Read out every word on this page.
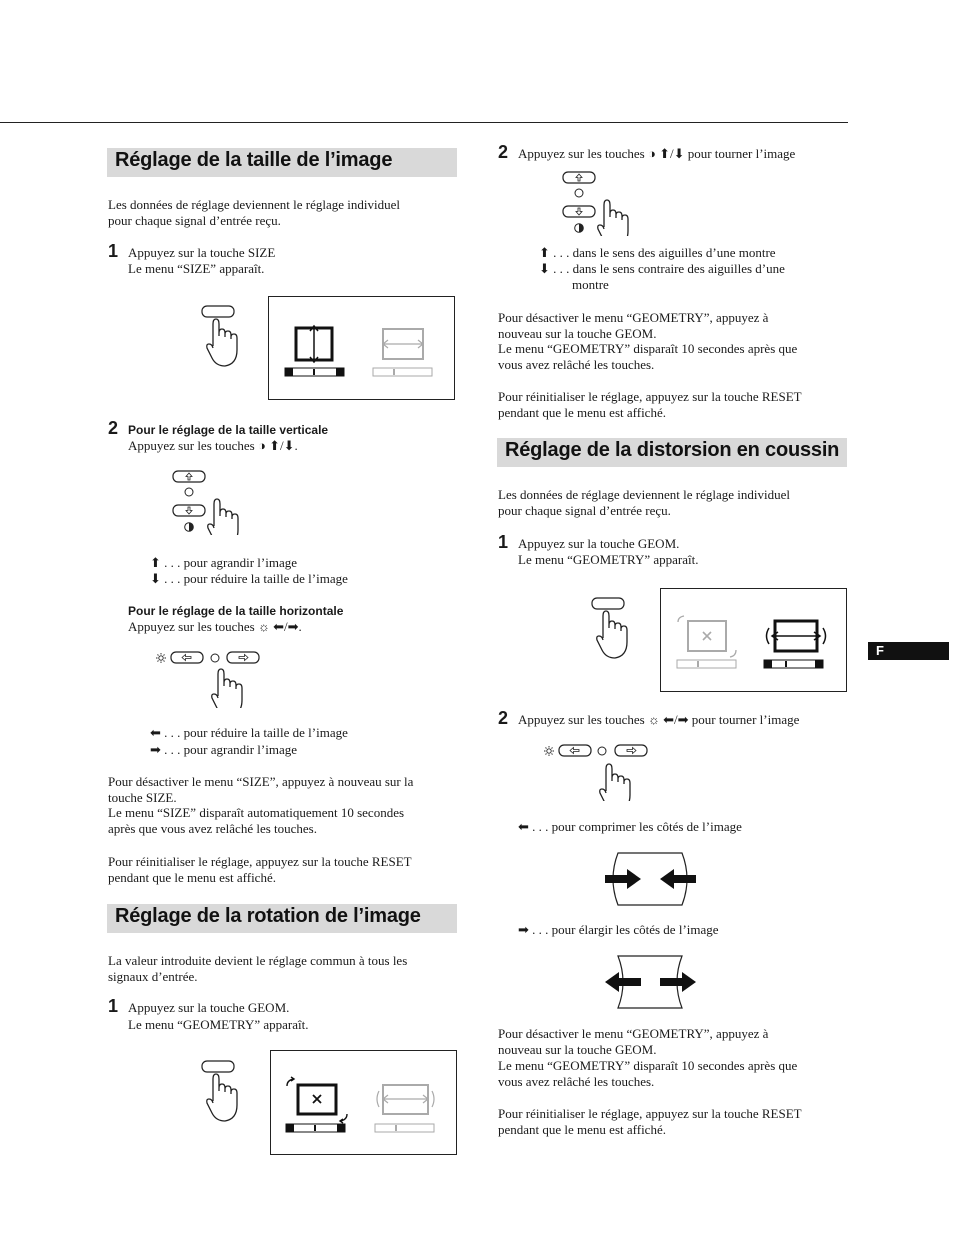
Réglage de la taille de l’image
Les données de réglage deviennent le réglage individuel
pour chaque signal d’entrée reçu.
1 Appuyez sur la touche SIZE
Le menu “SIZE” apparaît.
2 Pour le réglage de la taille verticale
Appuyez sur les touches ◑ ⬆/⬇.
⬆ . . . pour agrandir l’image
⬇ . . . pour réduire la taille de l’image
Pour le réglage de la taille horizontale
Appuyez sur les touches ☼ ⬅/➡.
⬅ . . . pour réduire la taille de l’image
➡ . . . pour agrandir l’image
Pour désactiver le menu “SIZE”, appuyez à nouveau sur la
touche SIZE.
Le menu “SIZE” disparaît automatiquement 10 secondes
après que vous avez relâché les touches.
Pour réinitialiser le réglage, appuyez sur la touche RESET
pendant que le menu est affiché.
Réglage de la rotation de l’image
La valeur introduite devient le réglage commun à tous les
signaux d’entrée.
1 Appuyez sur la touche GEOM.
Le menu “GEOMETRY” apparaît.
2 Appuyez sur les touches ◑ ⬆/⬇ pour tourner l’image
⬆ . . . dans le sens des aiguilles d’une montre
⬇ . . . dans le sens contraire des aiguilles d’une
montre
Pour désactiver le menu “GEOMETRY”, appuyez à
nouveau sur la touche GEOM.
Le menu “GEOMETRY” disparaît 10 secondes après que
vous avez relâché les touches.
Pour réinitialiser le réglage, appuyez sur la touche RESET
pendant que le menu est affiché.
Réglage de la distorsion en coussin
Les données de réglage deviennent le réglage individuel
pour chaque signal d’entrée reçu.
1 Appuyez sur la touche GEOM.
Le menu “GEOMETRY” apparaît.
2 Appuyez sur les touches ☼ ⬅/➡ pour tourner l’image
⬅ . . . pour comprimer les côtés de l’image
➡ . . . pour élargir les côtés de l’image
Pour désactiver le menu “GEOMETRY”, appuyez à
nouveau sur la touche GEOM.
Le menu “GEOMETRY” disparaît 10 secondes après que
vous avez relâché les touches.
Pour réinitialiser le réglage, appuyez sur la touche RESET
pendant que le menu est affiché.
F
